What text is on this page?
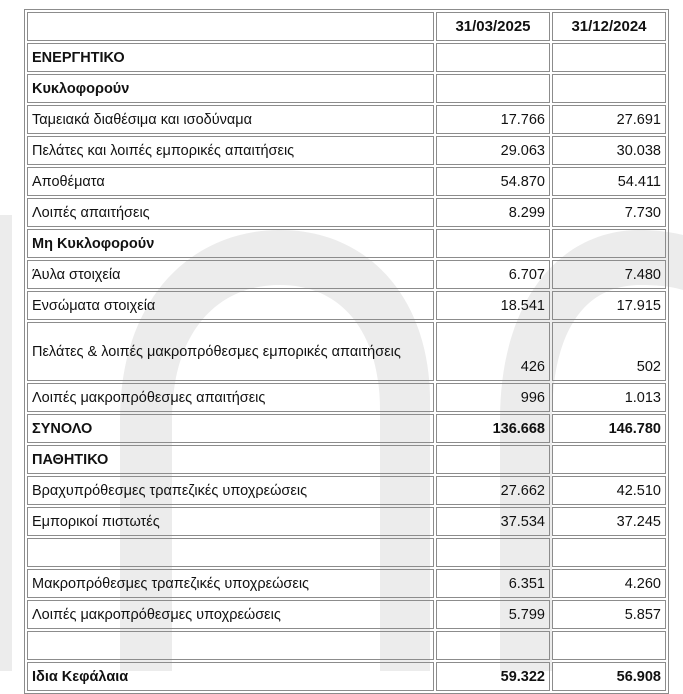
	31/03/2025	31/12/2024
ΕΝΕΡΓΗΤΙΚΟ		
Κυκλοφορούν		
Ταμειακά διαθέσιμα και ισοδύναμα	17.766	27.691
Πελάτες και λοιπές εμπορικές απαιτήσεις	29.063	30.038
Αποθέματα	54.870	54.411
Λοιπές απαιτήσεις	8.299	7.730
Μη Κυκλοφορούν		
Άυλα στοιχεία	6.707	7.480
Ενσώματα στοιχεία	18.541	17.915
Πελάτες & λοιπές μακροπρόθεσμες εμπορικές απαιτήσεις	426	502
Λοιπές μακροπρόθεσμες απαιτήσεις	996	1.013
ΣΥΝΟΛΟ	136.668	146.780
ΠΑΘΗΤΙΚΟ		
Βραχυπρόθεσμες τραπεζικές υποχρεώσεις	27.662	42.510
Εμπορικοί πιστωτές	37.534	37.245

Μακροπρόθεσμες τραπεζικές υποχρεώσεις	6.351	4.260
Λοιπές μακροπρόθεσμες υποχρεώσεις	5.799	5.857

Ιδια Κεφάλαια	59.322	56.908
